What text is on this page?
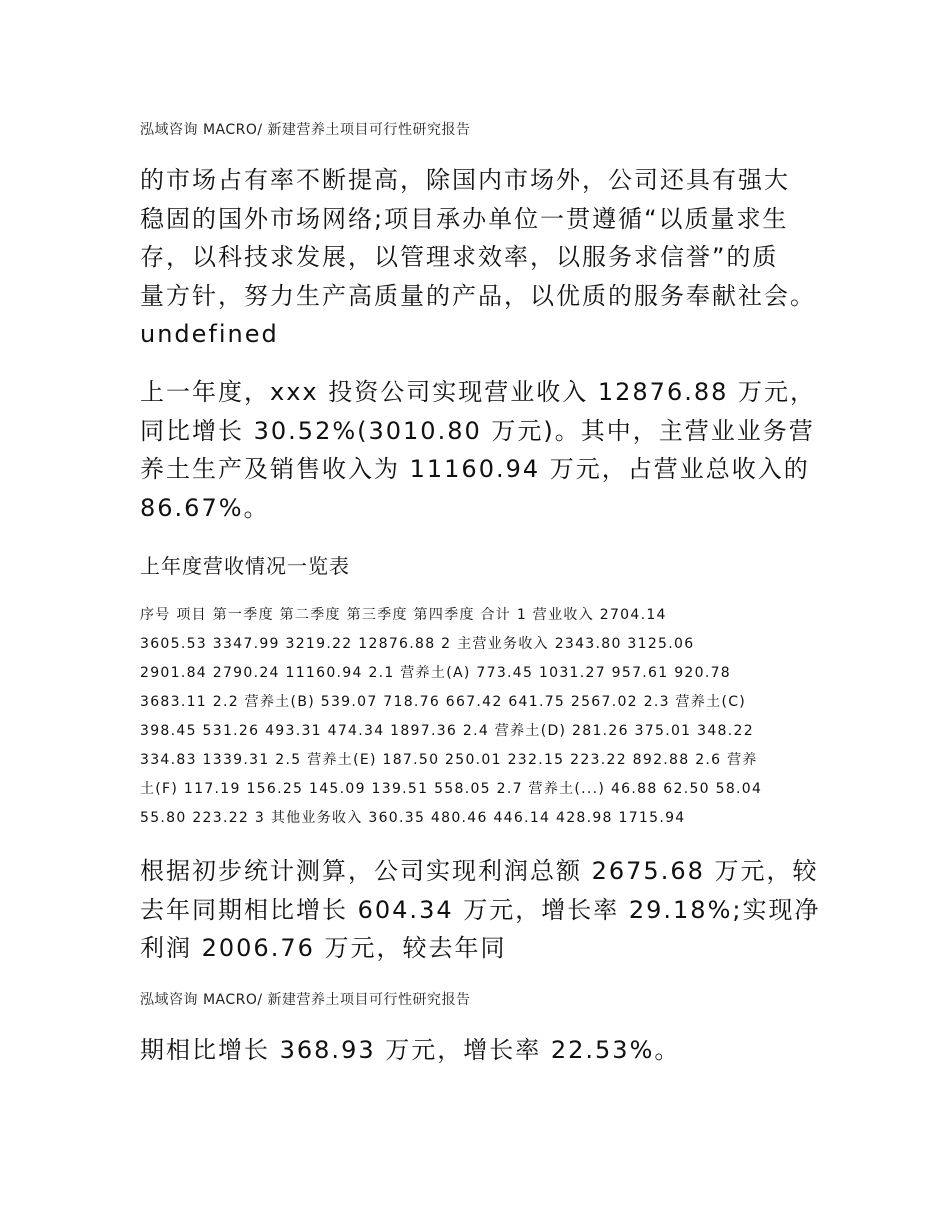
泓域咨询 MACRO/ 新建营养土项目可行性研究报告

的市场占有率不断提高，除国内市场外，公司还具有强大
稳固的国外市场网络;项目承办单位一贯遵循“以质量求生
存，以科技求发展，以管理求效率，以服务求信誉”的质
量方针，努力生产高质量的产品，以优质的服务奉献社会。
undefined

上一年度，xxx 投资公司实现营业收入 12876.88 万元，
同比增长 30.52%(3010.80 万元)。其中，主营业业务营
养土生产及销售收入为 11160.94 万元，占营业总收入的
86.67%。

上年度营收情况一览表
序号 项目 第一季度 第二季度 第三季度 第四季度 合计 1 营业收入 2704.14
3605.53 3347.99 3219.22 12876.88 2 主营业务收入 2343.80 3125.06
2901.84 2790.24 11160.94 2.1 营养土(A) 773.45 1031.27 957.61 920.78
3683.11 2.2 营养土(B) 539.07 718.76 667.42 641.75 2567.02 2.3 营养土(C)
398.45 531.26 493.31 474.34 1897.36 2.4 营养土(D) 281.26 375.01 348.22
334.83 1339.31 2.5 营养土(E) 187.50 250.01 232.15 223.22 892.88 2.6 营养
土(F) 117.19 156.25 145.09 139.51 558.05 2.7 营养土(...) 46.88 62.50 58.04
55.80 223.22 3 其他业务收入 360.35 480.46 446.14 428.98 1715.94

根据初步统计测算，公司实现利润总额 2675.68 万元，较
去年同期相比增长 604.34 万元，增长率 29.18%;实现净
利润 2006.76 万元，较去年同

泓域咨询 MACRO/ 新建营养土项目可行性研究报告

期相比增长 368.93 万元，增长率 22.53%。
